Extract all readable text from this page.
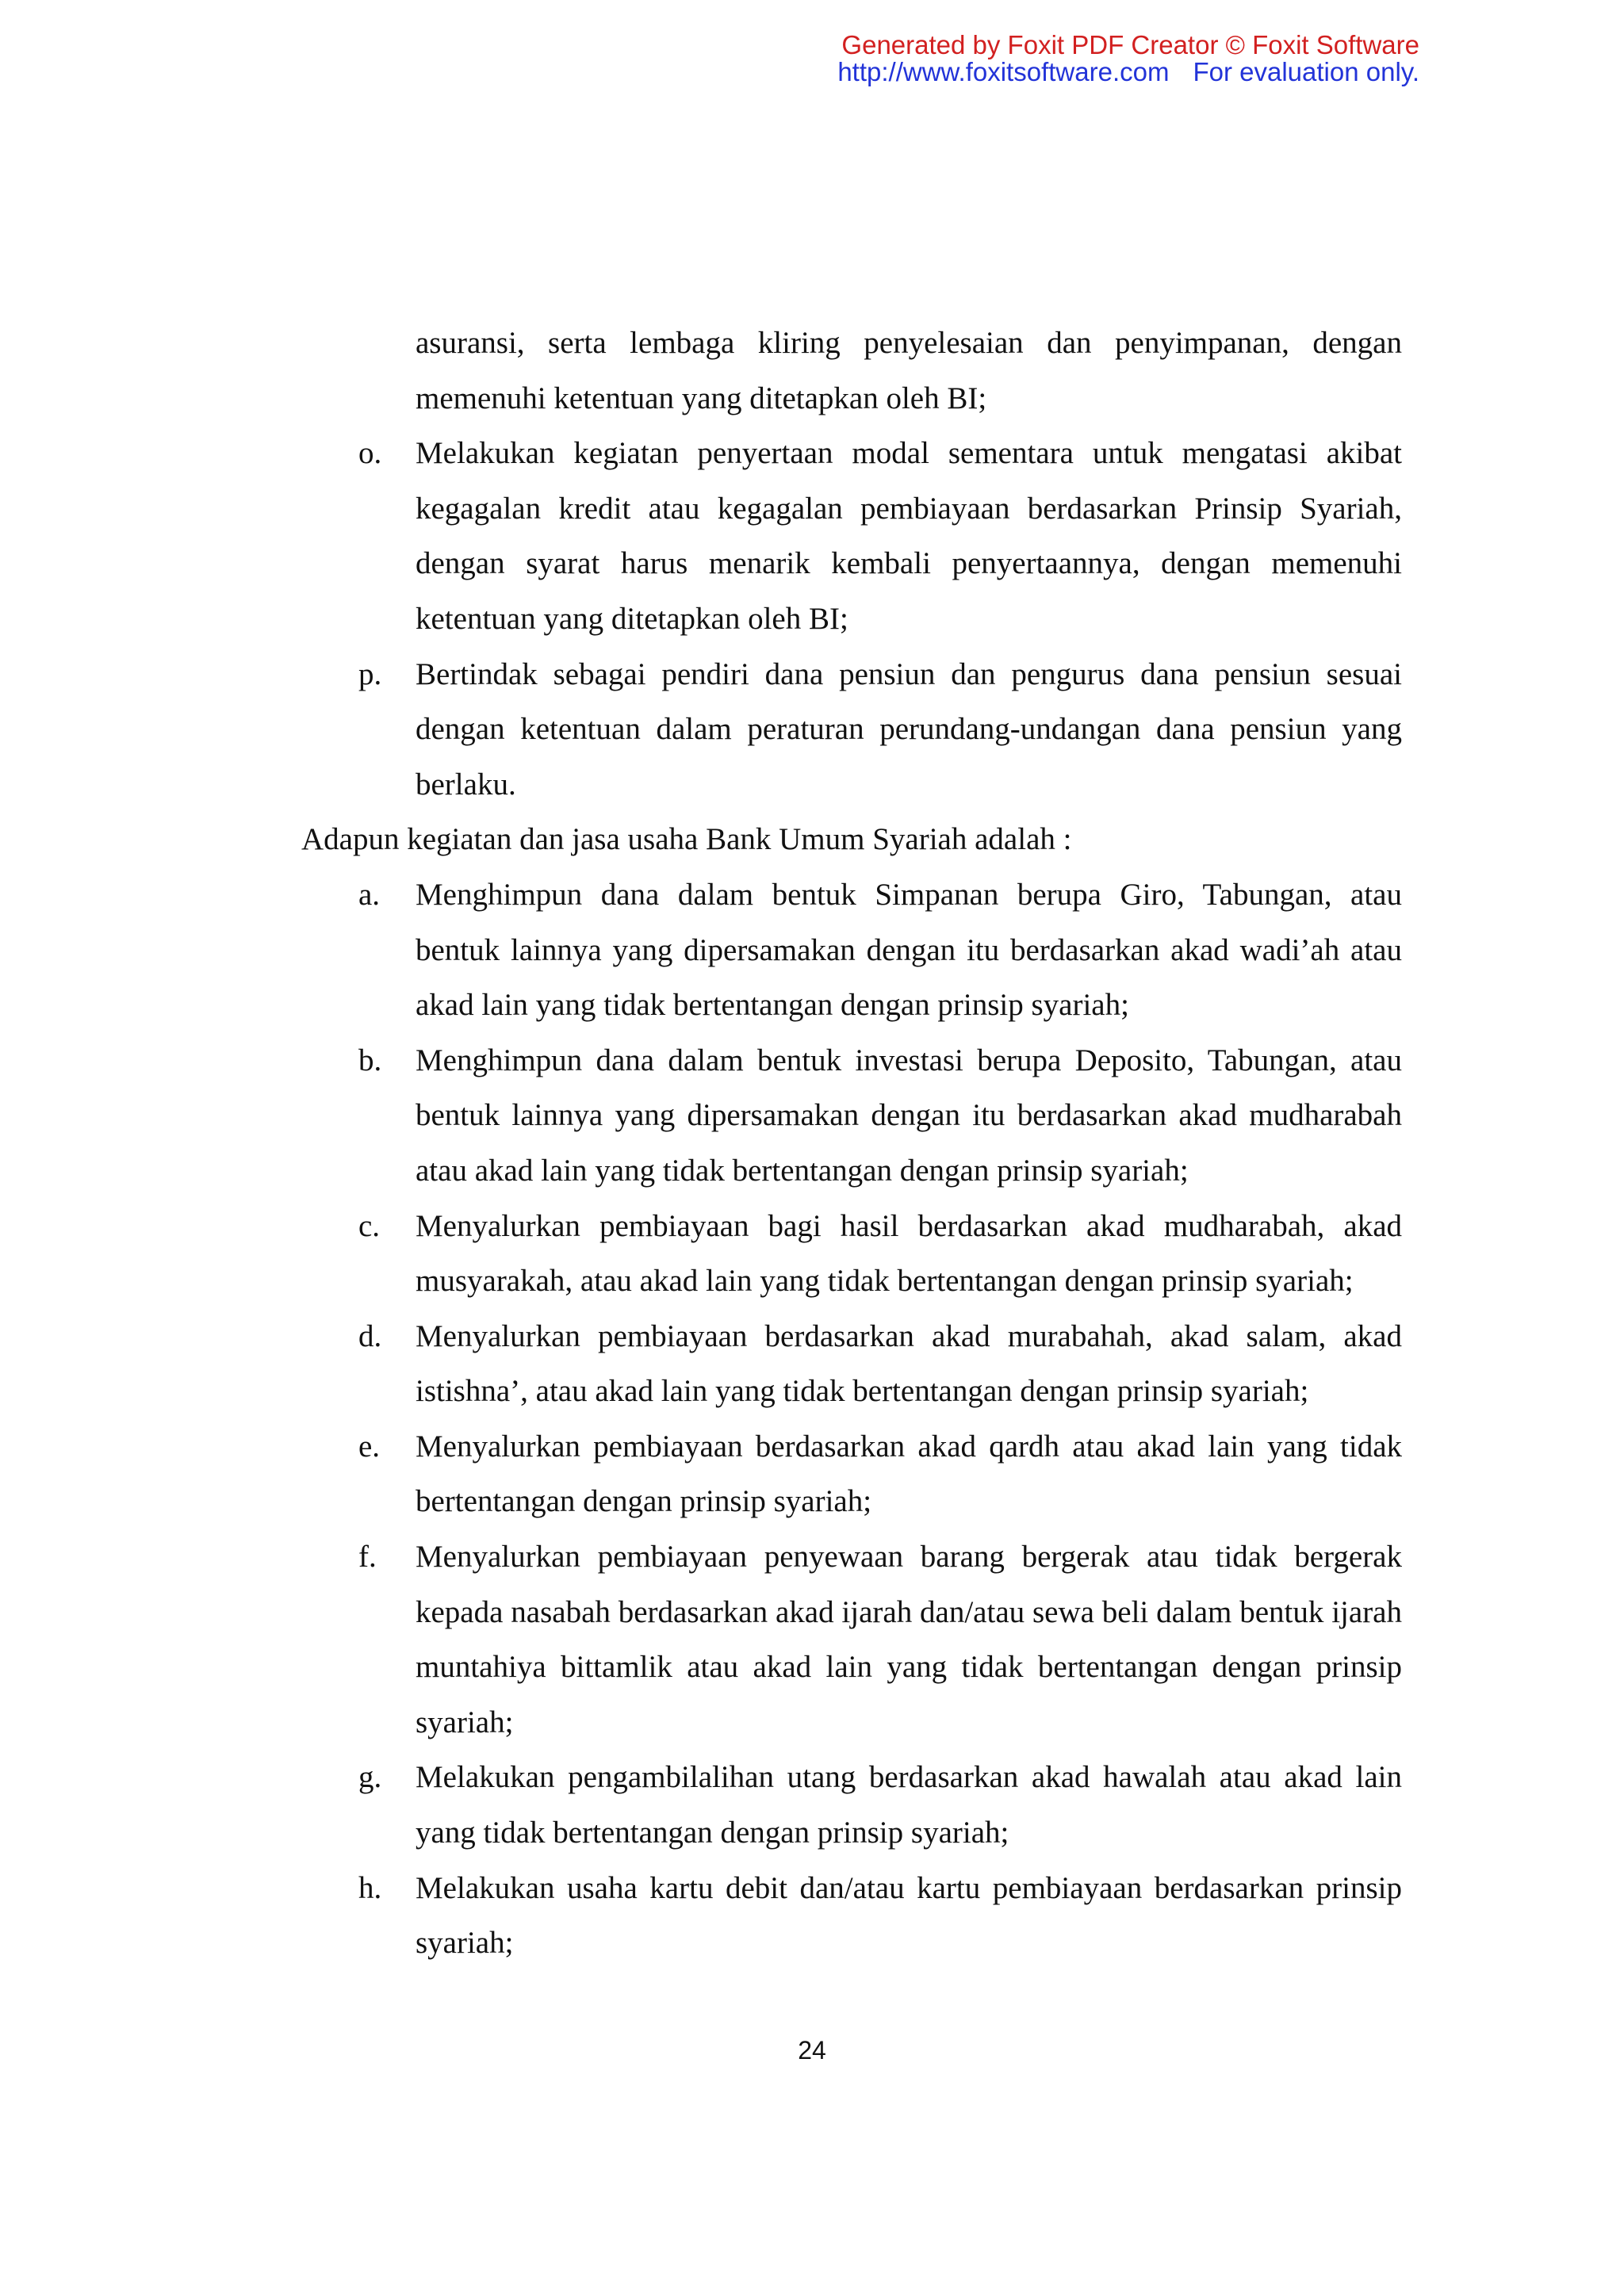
Generated by Foxit PDF Creator © Foxit Software
http://www.foxitsoftware.com For evaluation only.
asuransi, serta lembaga kliring penyelesaian dan penyimpanan, dengan memenuhi ketentuan yang ditetapkan oleh BI;
o.	Melakukan kegiatan penyertaan modal sementara untuk mengatasi akibat kegagalan kredit atau kegagalan pembiayaan berdasarkan Prinsip Syariah, dengan syarat harus menarik kembali penyertaannya, dengan memenuhi ketentuan yang ditetapkan oleh BI;
p.	Bertindak sebagai pendiri dana pensiun dan pengurus dana pensiun sesuai dengan ketentuan dalam peraturan perundang-undangan dana pensiun yang berlaku.

Adapun kegiatan dan jasa usaha Bank Umum Syariah adalah :

a.	Menghimpun dana dalam bentuk Simpanan berupa Giro, Tabungan, atau bentuk lainnya yang dipersamakan dengan itu berdasarkan akad wadi’ah atau akad lain yang tidak bertentangan dengan prinsip syariah;
b.	Menghimpun dana dalam bentuk investasi berupa Deposito, Tabungan, atau bentuk lainnya yang dipersamakan dengan itu berdasarkan akad mudharabah atau akad lain yang tidak bertentangan dengan prinsip syariah;
c.	Menyalurkan pembiayaan bagi hasil berdasarkan akad mudharabah, akad musyarakah, atau akad lain yang tidak bertentangan dengan prinsip syariah;
d.	Menyalurkan pembiayaan berdasarkan akad murabahah, akad salam, akad istishna’, atau akad lain yang tidak bertentangan dengan prinsip syariah;
e.	Menyalurkan pembiayaan berdasarkan akad qardh atau akad lain yang tidak bertentangan dengan prinsip syariah;
f.	Menyalurkan pembiayaan penyewaan barang bergerak atau tidak bergerak kepada nasabah berdasarkan akad ijarah dan/atau sewa beli dalam bentuk ijarah muntahiya bittamlik atau akad lain yang tidak bertentangan dengan prinsip syariah;
g.	Melakukan pengambilalihan utang berdasarkan akad hawalah atau akad lain yang tidak bertentangan dengan prinsip syariah;
h.	Melakukan usaha kartu debit dan/atau kartu pembiayaan berdasarkan prinsip syariah;
24
